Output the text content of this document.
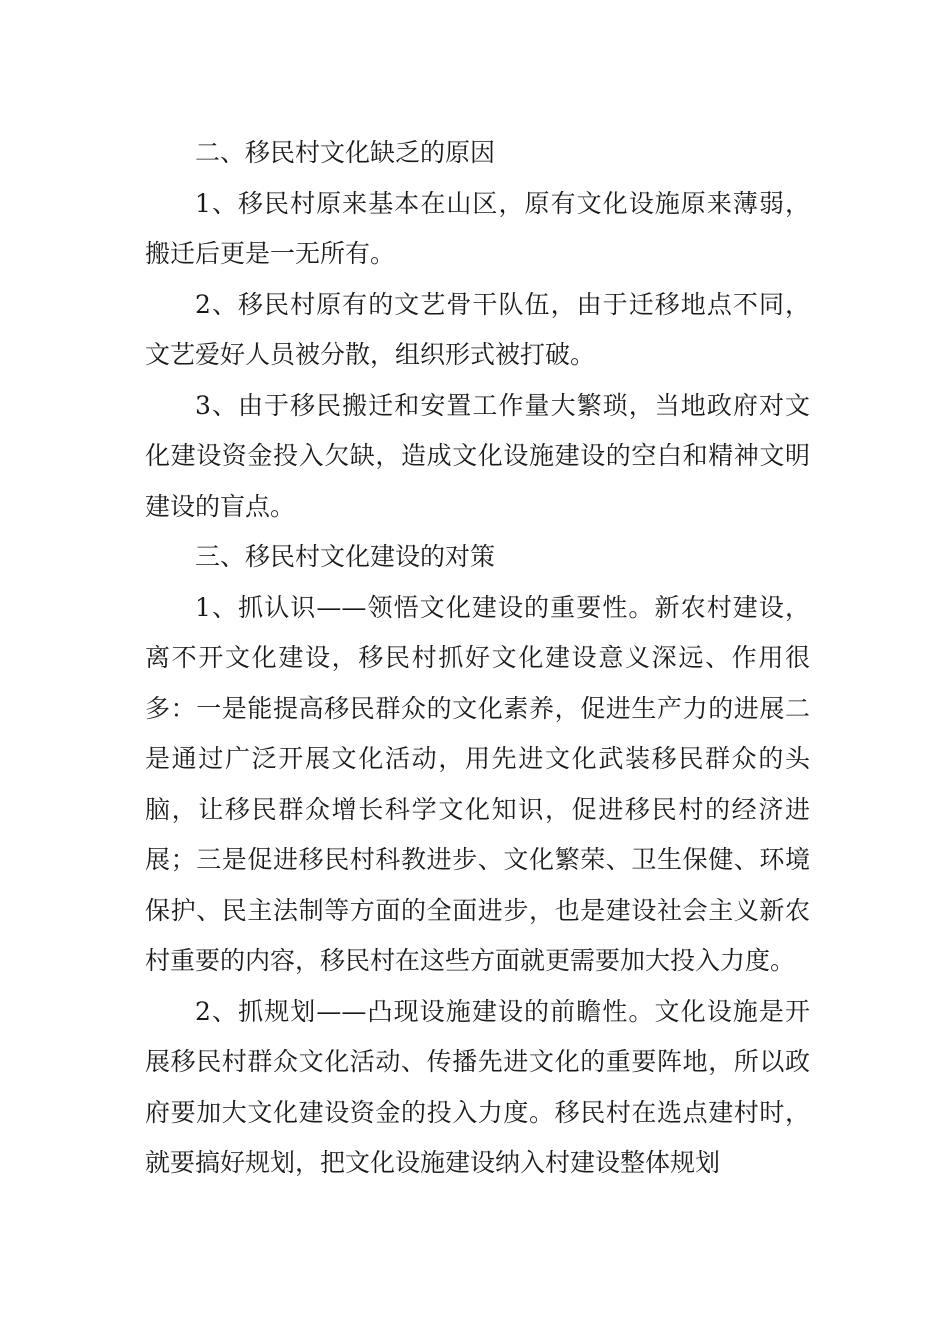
二、移民村文化缺乏的原因

1、移民村原来基本在山区，原有文化设施原来薄弱，搬迁后更是一无所有。

2、移民村原有的文艺骨干队伍，由于迁移地点不同，文艺爱好人员被分散，组织形式被打破。

3、由于移民搬迁和安置工作量大繁琐，当地政府对文化建设资金投入欠缺，造成文化设施建设的空白和精神文明建设的盲点。

三、移民村文化建设的对策

1、抓认识——领悟文化建设的重要性。新农村建设，离不开文化建设，移民村抓好文化建设意义深远、作用很多：一是能提高移民群众的文化素养，促进生产力的进展二是通过广泛开展文化活动，用先进文化武装移民群众的头脑，让移民群众增长科学文化知识，促进移民村的经济进展；三是促进移民村科教进步、文化繁荣、卫生保健、环境保护、民主法制等方面的全面进步，也是建设社会主义新农村重要的内容，移民村在这些方面就更需要加大投入力度。

2、抓规划——凸现设施建设的前瞻性。文化设施是开展移民村群众文化活动、传播先进文化的重要阵地，所以政府要加大文化建设资金的投入力度。移民村在选点建村时，就要搞好规划，把文化设施建设纳入村建设整体规划
